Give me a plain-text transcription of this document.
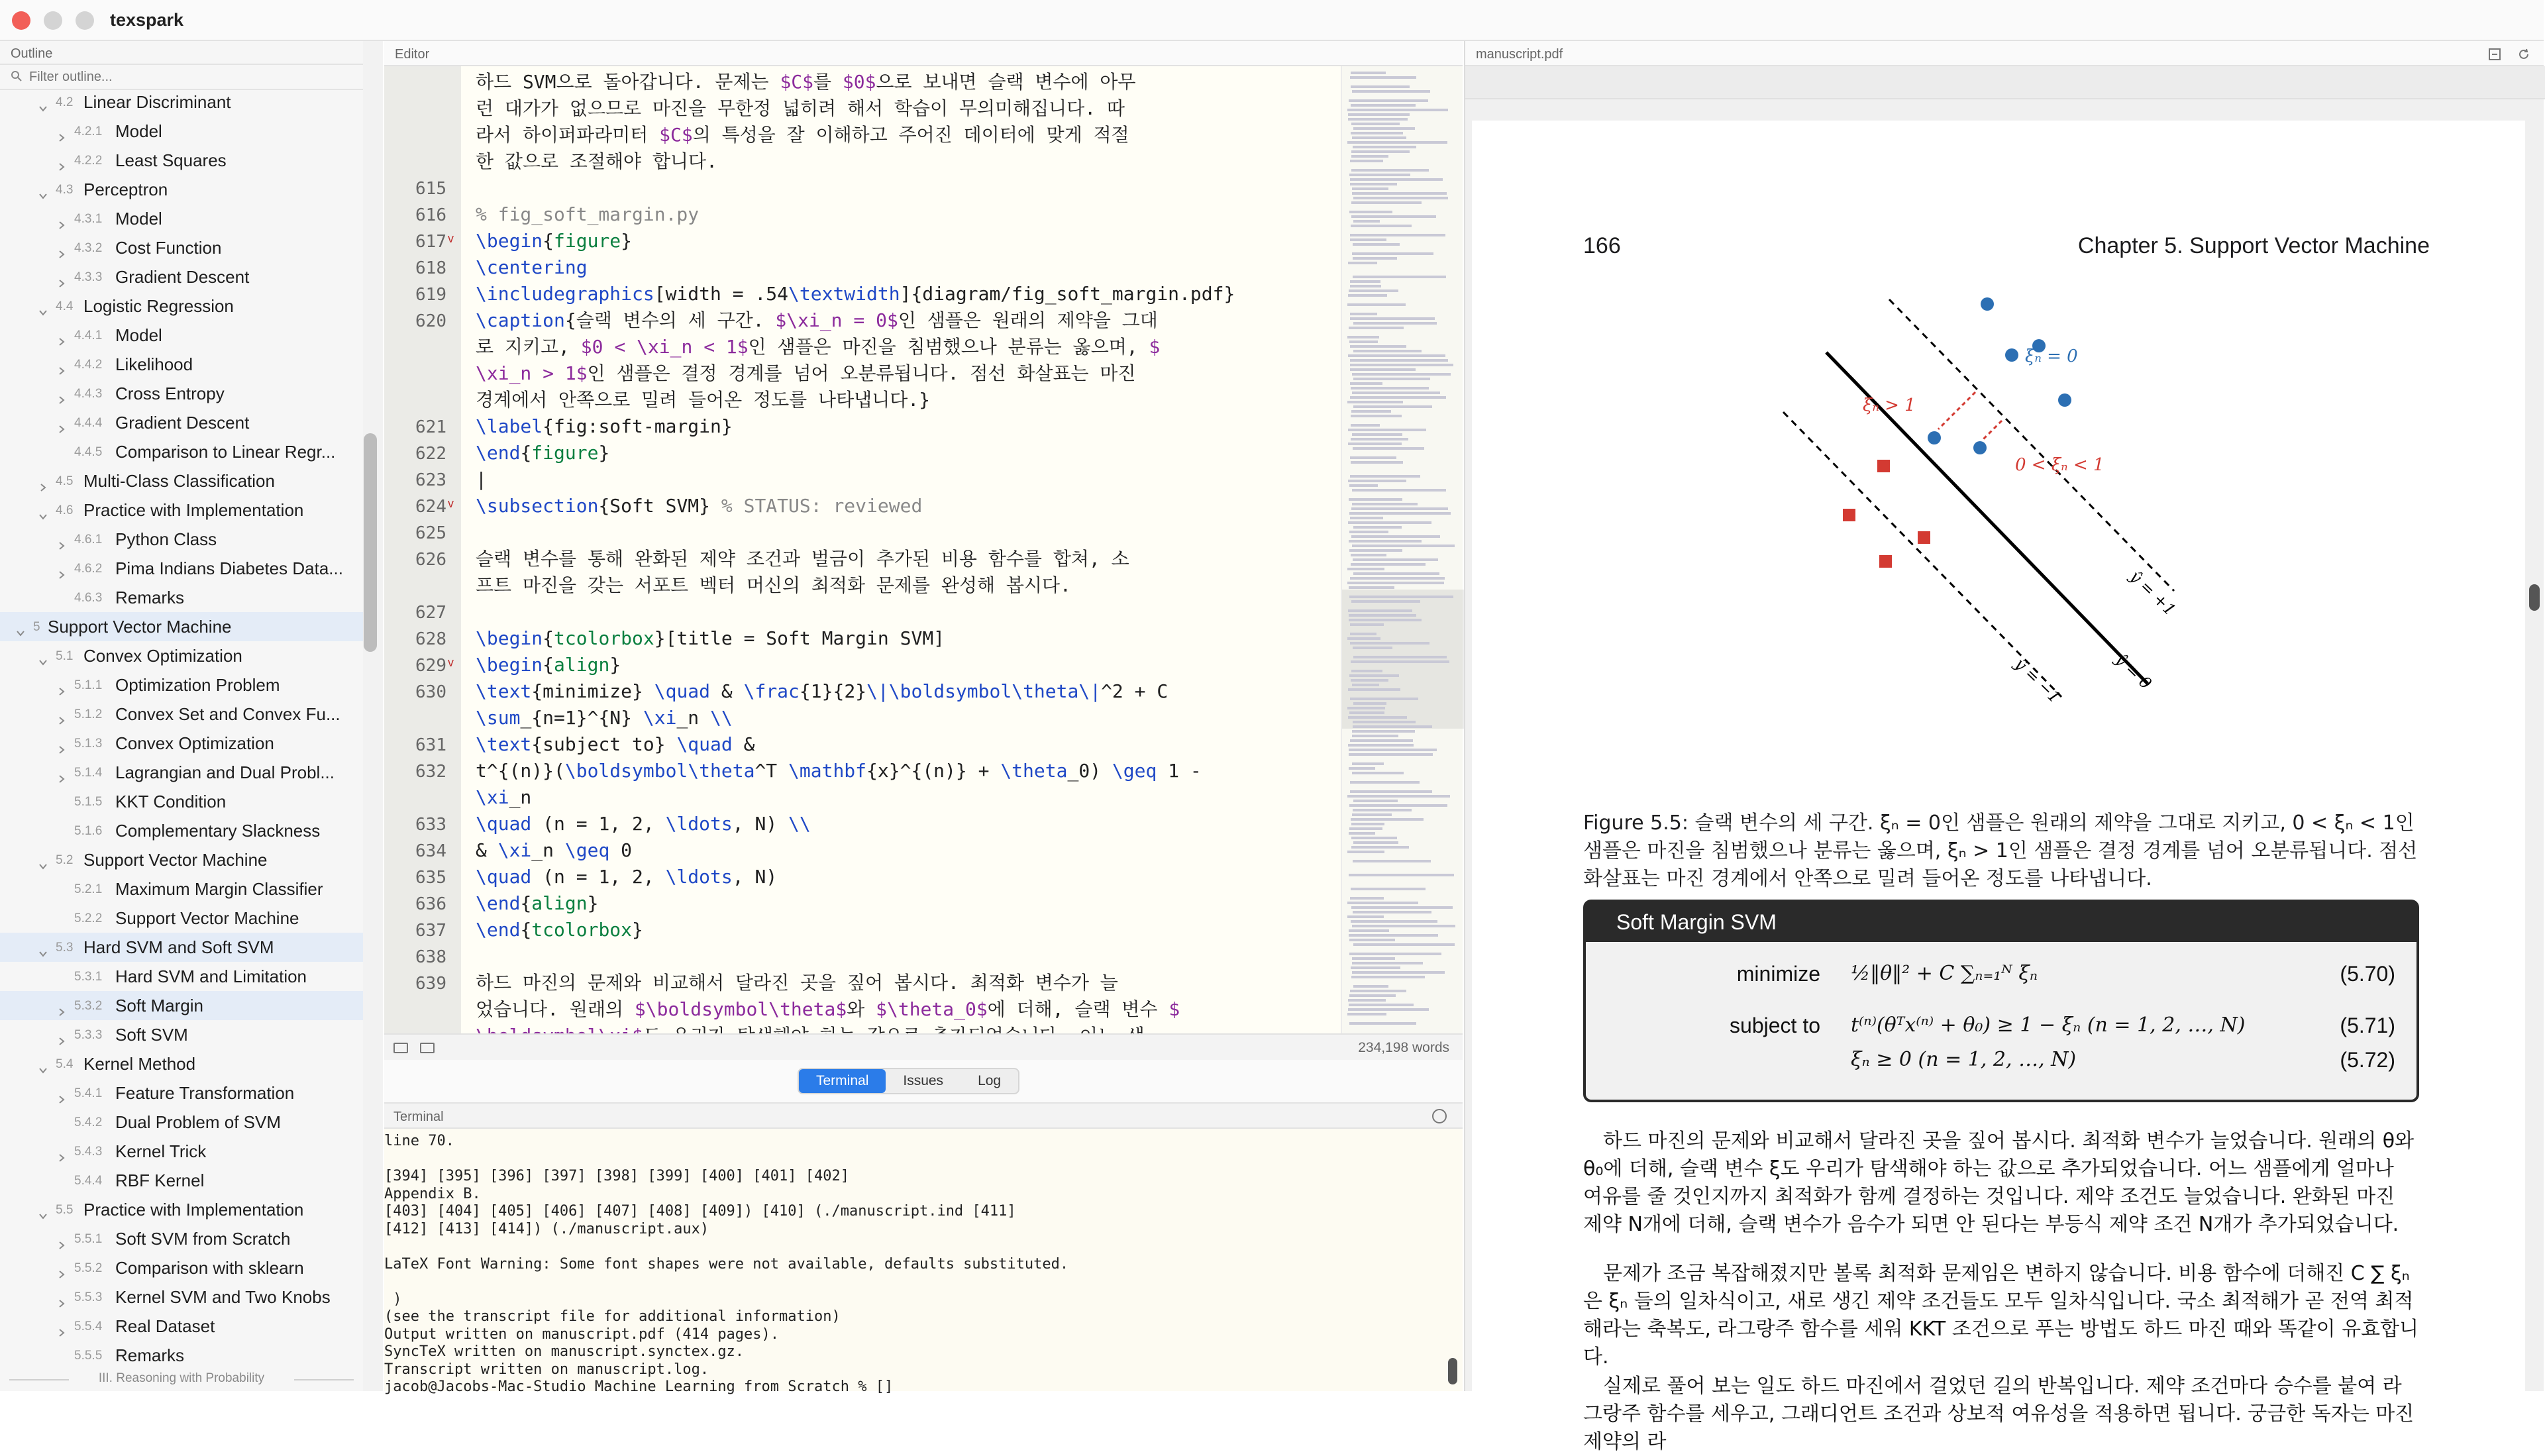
texspark
Outline
Filter outline...
4.2 Linear Discriminant
4.2.1 Model
4.2.2 Least Squares
4.3 Perceptron
4.3.1 Model
4.3.2 Cost Function
4.3.3 Gradient Descent
4.4 Logistic Regression
4.4.1 Model
4.4.2 Likelihood
4.4.3 Cross Entropy
4.4.4 Gradient Descent
4.4.5 Comparison to Linear Regr...
4.5 Multi-Class Classification
4.6 Practice with Implementation
4.6.1 Python Class
4.6.2 Pima Indians Diabetes Data...
4.6.3 Remarks
5 Support Vector Machine
5.1 Convex Optimization
5.1.1 Optimization Problem
5.1.2 Convex Set and Convex Fu...
5.1.3 Convex Optimization
5.1.4 Lagrangian and Dual Probl...
5.1.5 KKT Condition
5.1.6 Complementary Slackness
5.2 Support Vector Machine
5.2.1 Maximum Margin Classifier
5.2.2 Support Vector Machine
5.3 Hard SVM and Soft SVM
5.3.1 Hard SVM and Limitation
5.3.2 Soft Margin
5.3.3 Soft SVM
5.4 Kernel Method
5.4.1 Feature Transformation
5.4.2 Dual Problem of SVM
5.4.3 Kernel Trick
5.4.4 RBF Kernel
5.5 Practice with Implementation
5.5.1 Soft SVM from Scratch
5.5.2 Comparison with sklearn
5.5.3 Kernel SVM and Two Knobs
5.5.4 Real Dataset
5.5.5 Remarks
III. Reasoning with Probability
Editor
615
616
617 v
618
619
620
621
622
623
624 v
625
626
627
628
629 v
630
631
632
633
634
635
636
637
638
639
하드 SVM으로 돌아갑니다. 문제는 $C$를 $0$으로 보내면 슬랙 변수에 아무
런 대가가 없으므로 마진을 무한정 넓히려 해서 학습이 무의미해집니다. 따
라서 하이퍼파라미터 $C$의 특성을 잘 이해하고 주어진 데이터에 맞게 적절
한 값으로 조절해야 합니다.
% fig_soft_margin.py
\begin{figure}
\centering
\includegraphics[width = .54\textwidth]{diagram/fig_soft_margin.pdf}
\caption{슬랙 변수의 세 구간. $\xi_n = 0$인 샘플은 원래의 제약을 그대
로 지키고, $0 < \xi_n < 1$인 샘플은 마진을 침범했으나 분류는 옳으며, $
\xi_n > 1$인 샘플은 결정 경계를 넘어 오분류됩니다. 점선 화살표는 마진
경계에서 안쪽으로 밀려 들어온 정도를 나타냅니다.}
\label{fig:soft-margin}
\end{figure}
|
\subsection{Soft SVM} % STATUS: reviewed
슬랙 변수를 통해 완화된 제약 조건과 벌금이 추가된 비용 함수를 합쳐, 소
프트 마진을 갖는 서포트 벡터 머신의 최적화 문제를 완성해 봅시다.
\begin{tcolorbox}[title = Soft Margin SVM]
\begin{align}
\text{minimize} \quad & \frac{1}{2}\|\boldsymbol\theta\|^2 + C
\sum_{n=1}^{N} \xi_n \\
\text{subject to} \quad &
t^{(n)}(\boldsymbol\theta^T \mathbf{x}^{(n)} + \theta_0) \geq 1 -
\xi_n
\quad (n = 1, 2, \ldots, N) \\
& \xi_n \geq 0
\quad (n = 1, 2, \ldots, N)
\end{align}
\end{tcolorbox}
하드 마진의 문제와 비교해서 달라진 곳을 짚어 봅시다. 최적화 변수가 늘
었습니다. 원래의 $\boldsymbol\theta$와 $\theta_0$에 더해, 슬랙 변수 $
234,198 words
Terminal	Issues	Log
Terminal
line 70.
[394] [395] [396] [397] [398] [399] [400] [401] [402]
Appendix B.
[403] [404] [405] [406] [407] [408] [409]) [410] (./manuscript.ind [411]
[412] [413] [414]) (./manuscript.aux)
LaTeX Font Warning: Some font shapes were not available, defaults substituted.
)
(see the transcript file for additional information)
Output written on manuscript.pdf (414 pages).
SyncTeX written on manuscript.synctex.gz.
Transcript written on manuscript.log.
jacob@Jacobs-Mac-Studio Machine Learning from Scratch % []
manuscript.pdf
166	Chapter 5. Support Vector Machine
ξₙ = 0
ξₙ > 1
0 < ξₙ < 1
ŷ = +1
ŷ = 0
ŷ = −1
Figure 5.5: 슬랙 변수의 세 구간. ξₙ = 0인 샘플은 원래의 제약을 그대로 지키고, 0 < ξₙ < 1인 샘플은 마진을 침범했으나 분류는 옳으며, ξₙ > 1인 샘플은 결정 경계를 넘어 오분류됩니다. 점선 화살표는 마진 경계에서 안쪽으로 밀려 들어온 정도를 나타냅니다.
Soft Margin SVM
minimize ½‖θ‖² + C ∑ₙ₌₁ᴺ ξₙ	(5.70)
subject to t⁽ⁿ⁾(θᵀx⁽ⁿ⁾ + θ₀) ≥ 1 − ξₙ (n = 1, 2, …, N)	(5.71)
ξₙ ≥ 0 (n = 1, 2, …, N)	(5.72)
하드 마진의 문제와 비교해서 달라진 곳을 짚어 봅시다. 최적화 변수가 늘었습니다. 원래의 θ와 θ₀에 더해, 슬랙 변수 ξ도 우리가 탐색해야 하는 값으로 추가되었습니다. 어느 샘플에게 얼마나 여유를 줄 것인지까지 최적화가 함께 결정하는 것입니다. 제약 조건도 늘었습니다. 완화된 마진 제약 N개에 더해, 슬랙 변수가 음수가 되면 안 된다는 부등식 제약 조건 N개가 추가되었습니다.
문제가 조금 복잡해졌지만 볼록 최적화 문제임은 변하지 않습니다. 비용 함수에 더해진 C ∑ ξₙ은 ξₙ 들의 일차식이고, 새로 생긴 제약 조건들도 모두 일차식입니다. 국소 최적해가 곧 전역 최적해라는 축복도, 라그랑주 함수를 세워 KKT 조건으로 푸는 방법도 하드 마진 때와 똑같이 유효합니다.
실제로 풀어 보는 일도 하드 마진에서 걸었던 길의 반복입니다. 제약 조건마다 승수를 붙여 라그랑주 함수를 세우고, 그래디언트 조건과 상보적 여유성을 적용하면 됩니다. 궁금한 독자는 마진 제약의 라
